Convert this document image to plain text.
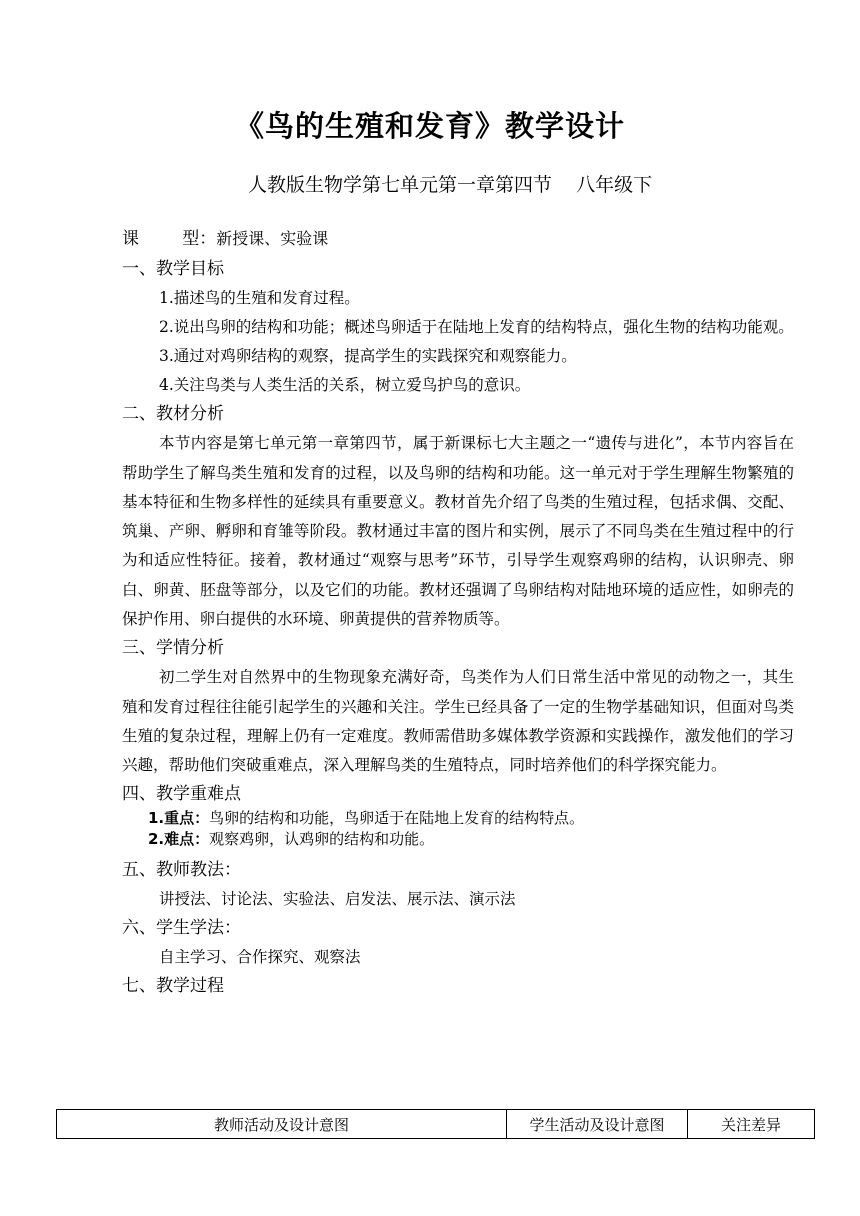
《鸟的生殖和发育》教学设计
人教版生物学第七单元第一章第四节    八年级下
课        型：新授课、实验课
一、教学目标
1.描述鸟的生殖和发育过程。
2.说出鸟卵的结构和功能；概述鸟卵适于在陆地上发育的结构特点，强化生物的结构功能观。
3.通过对鸡卵结构的观察，提高学生的实践探究和观察能力。
4.关注鸟类与人类生活的关系，树立爱鸟护鸟的意识。
二、教材分析
本节内容是第七单元第一章第四节，属于新课标七大主题之一“遗传与进化”，本节内容旨在帮助学生了解鸟类生殖和发育的过程，以及鸟卵的结构和功能。这一单元对于学生理解生物繁殖的基本特征和生物多样性的延续具有重要意义。教材首先介绍了鸟类的生殖过程，包括求偶、交配、筑巢、产卵、孵卵和育雏等阶段。教材通过丰富的图片和实例，展示了不同鸟类在生殖过程中的行为和适应性特征。接着，教材通过“观察与思考”环节，引导学生观察鸡卵的结构，认识卵壳、卵白、卵黄、胚盘等部分，以及它们的功能。教材还强调了鸟卵结构对陆地环境的适应性，如卵壳的保护作用、卵白提供的水环境、卵黄提供的营养物质等。
三、学情分析
初二学生对自然界中的生物现象充满好奇，鸟类作为人们日常生活中常见的动物之一，其生殖和发育过程往往能引起学生的兴趣和关注。学生已经具备了一定的生物学基础知识，但面对鸟类生殖的复杂过程，理解上仍有一定难度。教师需借助多媒体教学资源和实践操作，激发他们的学习兴趣，帮助他们突破重难点，深入理解鸟类的生殖特点，同时培养他们的科学探究能力。
四、教学重难点
1.重点：鸟卵的结构和功能，鸟卵适于在陆地上发育的结构特点。
2.难点：观察鸡卵，认鸡卵的结构和功能。
五、教师教法：
讲授法、讨论法、实验法、启发法、展示法、演示法
六、学生学法：
自主学习、合作探究、观察法
七、教学过程
教师活动及设计意图	学生活动及设计意图	关注差异
